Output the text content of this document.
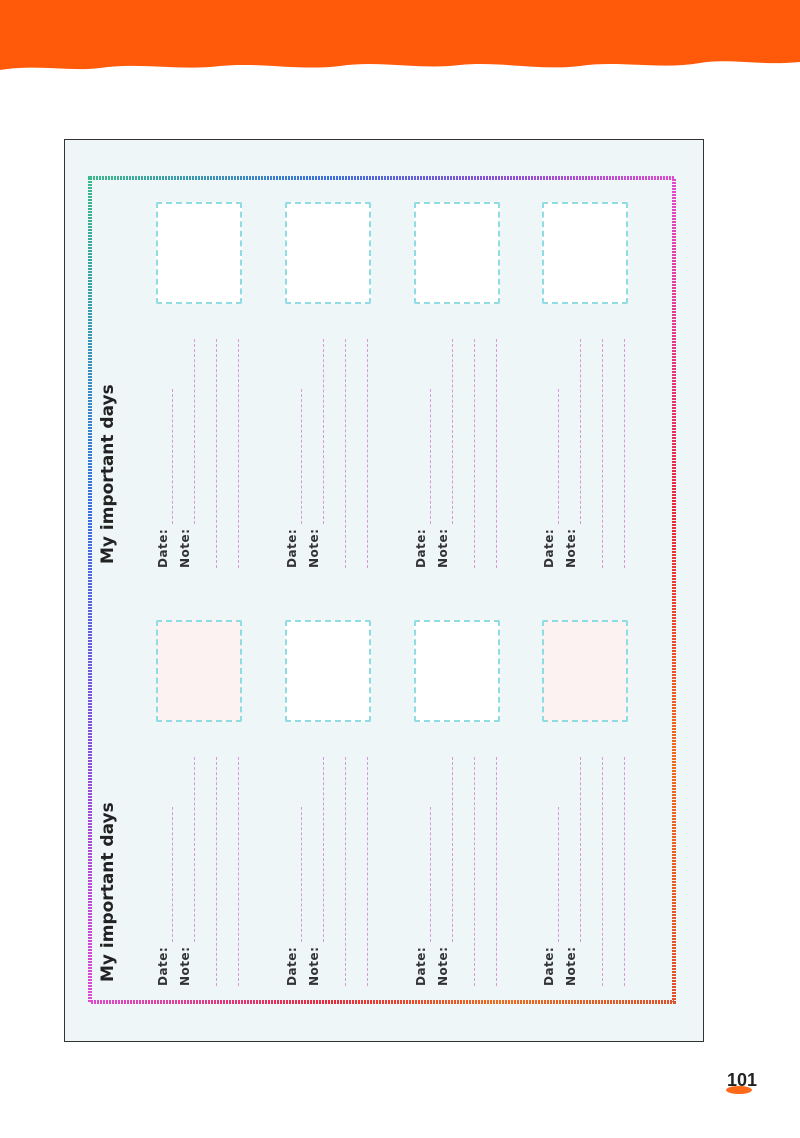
My important days	Date: Note:	Date: Note:	Date: Note:	Date: Note:
My important days	Date: Note:	Date: Note:	Date: Note:	Date: Note:
101
